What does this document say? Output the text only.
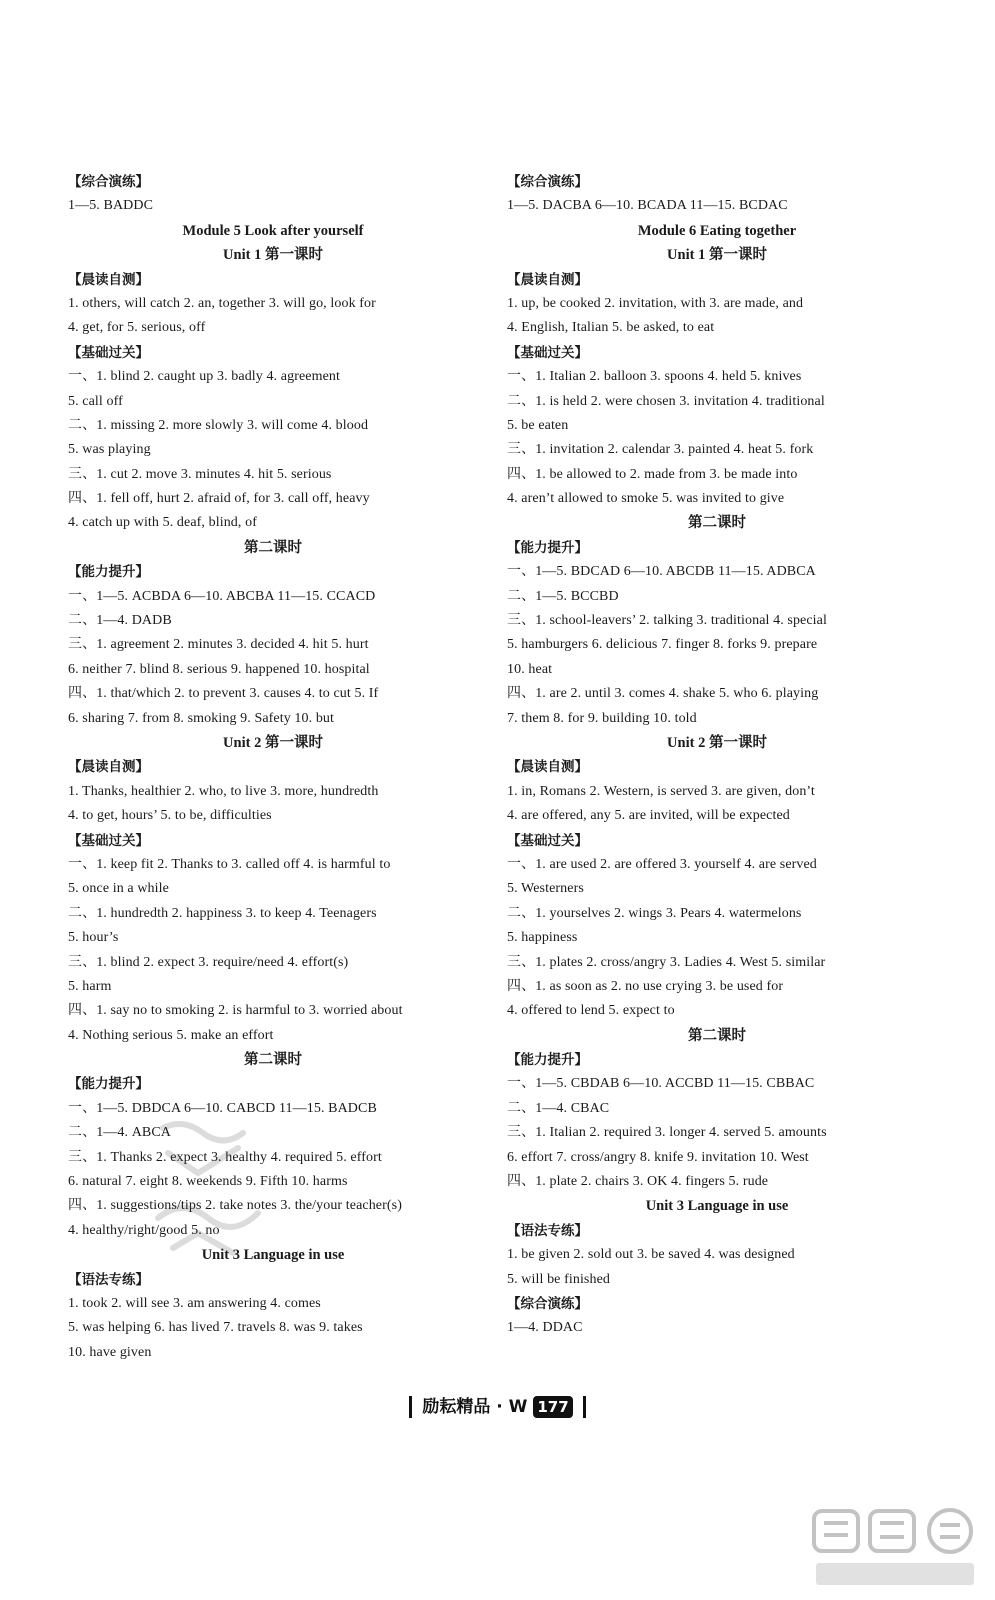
【综合演练】
1—5. BADDC
Module 5 Look after yourself
Unit 1 第一课时
【晨读自测】
1. others, will catch 2. an, together 3. will go, look for
4. get, for 5. serious, off
【基础过关】
一、1. blind 2. caught up 3. badly 4. agreement
5. call off
二、1. missing 2. more slowly 3. will come 4. blood
5. was playing
三、1. cut 2. move 3. minutes 4. hit 5. serious
四、1. fell off, hurt 2. afraid of, for 3. call off, heavy
4. catch up with 5. deaf, blind, of
第二课时
【能力提升】
一、1—5. ACBDA 6—10. ABCBA 11—15. CCACD
二、1—4. DADB
三、1. agreement 2. minutes 3. decided 4. hit 5. hurt
6. neither 7. blind 8. serious 9. happened 10. hospital
四、1. that/which 2. to prevent 3. causes 4. to cut 5. If
6. sharing 7. from 8. smoking 9. Safety 10. but
Unit 2 第一课时
【晨读自测】
1. Thanks, healthier 2. who, to live 3. more, hundredth
4. to get, hours’ 5. to be, difficulties
【基础过关】
一、1. keep fit 2. Thanks to 3. called off 4. is harmful to
5. once in a while
二、1. hundredth 2. happiness 3. to keep 4. Teenagers
5. hour’s
三、1. blind 2. expect 3. require/need 4. effort(s)
5. harm
四、1. say no to smoking 2. is harmful to 3. worried about
4. Nothing serious 5. make an effort
第二课时
【能力提升】
一、1—5. DBDCA 6—10. CABCD 11—15. BADCB
二、1—4. ABCA
三、1. Thanks 2. expect 3. healthy 4. required 5. effort
6. natural 7. eight 8. weekends 9. Fifth 10. harms
四、1. suggestions/tips 2. take notes 3. the/your teacher(s)
4. healthy/right/good 5. no
Unit 3 Language in use
【语法专练】
1. took 2. will see 3. am answering 4. comes
5. was helping 6. has lived 7. travels 8. was 9. takes
10. have given
【综合演练】
1—5. DACBA 6—10. BCADA 11—15. BCDAC
Module 6 Eating together
Unit 1 第一课时
【晨读自测】
1. up, be cooked 2. invitation, with 3. are made, and
4. English, Italian 5. be asked, to eat
【基础过关】
一、1. Italian 2. balloon 3. spoons 4. held 5. knives
二、1. is held 2. were chosen 3. invitation 4. traditional
5. be eaten
三、1. invitation 2. calendar 3. painted 4. heat 5. fork
四、1. be allowed to 2. made from 3. be made into
4. aren’t allowed to smoke 5. was invited to give
第二课时
【能力提升】
一、1—5. BDCAD 6—10. ABCDB 11—15. ADBCA
二、1—5. BCCBD
三、1. school-leavers’ 2. talking 3. traditional 4. special
5. hamburgers 6. delicious 7. finger 8. forks 9. prepare
10. heat
四、1. are 2. until 3. comes 4. shake 5. who 6. playing
7. them 8. for 9. building 10. told
Unit 2 第一课时
【晨读自测】
1. in, Romans 2. Western, is served 3. are given, don’t
4. are offered, any 5. are invited, will be expected
【基础过关】
一、1. are used 2. are offered 3. yourself 4. are served
5. Westerners
二、1. yourselves 2. wings 3. Pears 4. watermelons
5. happiness
三、1. plates 2. cross/angry 3. Ladies 4. West 5. similar
四、1. as soon as 2. no use crying 3. be used for
4. offered to lend 5. expect to
第二课时
【能力提升】
一、1—5. CBDAB 6—10. ACCBD 11—15. CBBAC
二、1—4. CBAC
三、1. Italian 2. required 3. longer 4. served 5. amounts
6. effort 7. cross/angry 8. knife 9. invitation 10. West
四、1. plate 2. chairs 3. OK 4. fingers 5. rude
Unit 3 Language in use
【语法专练】
1. be given 2. sold out 3. be saved 4. was designed
5. will be finished
【综合演练】
1—4. DDAC
励耘精品 · W 177
